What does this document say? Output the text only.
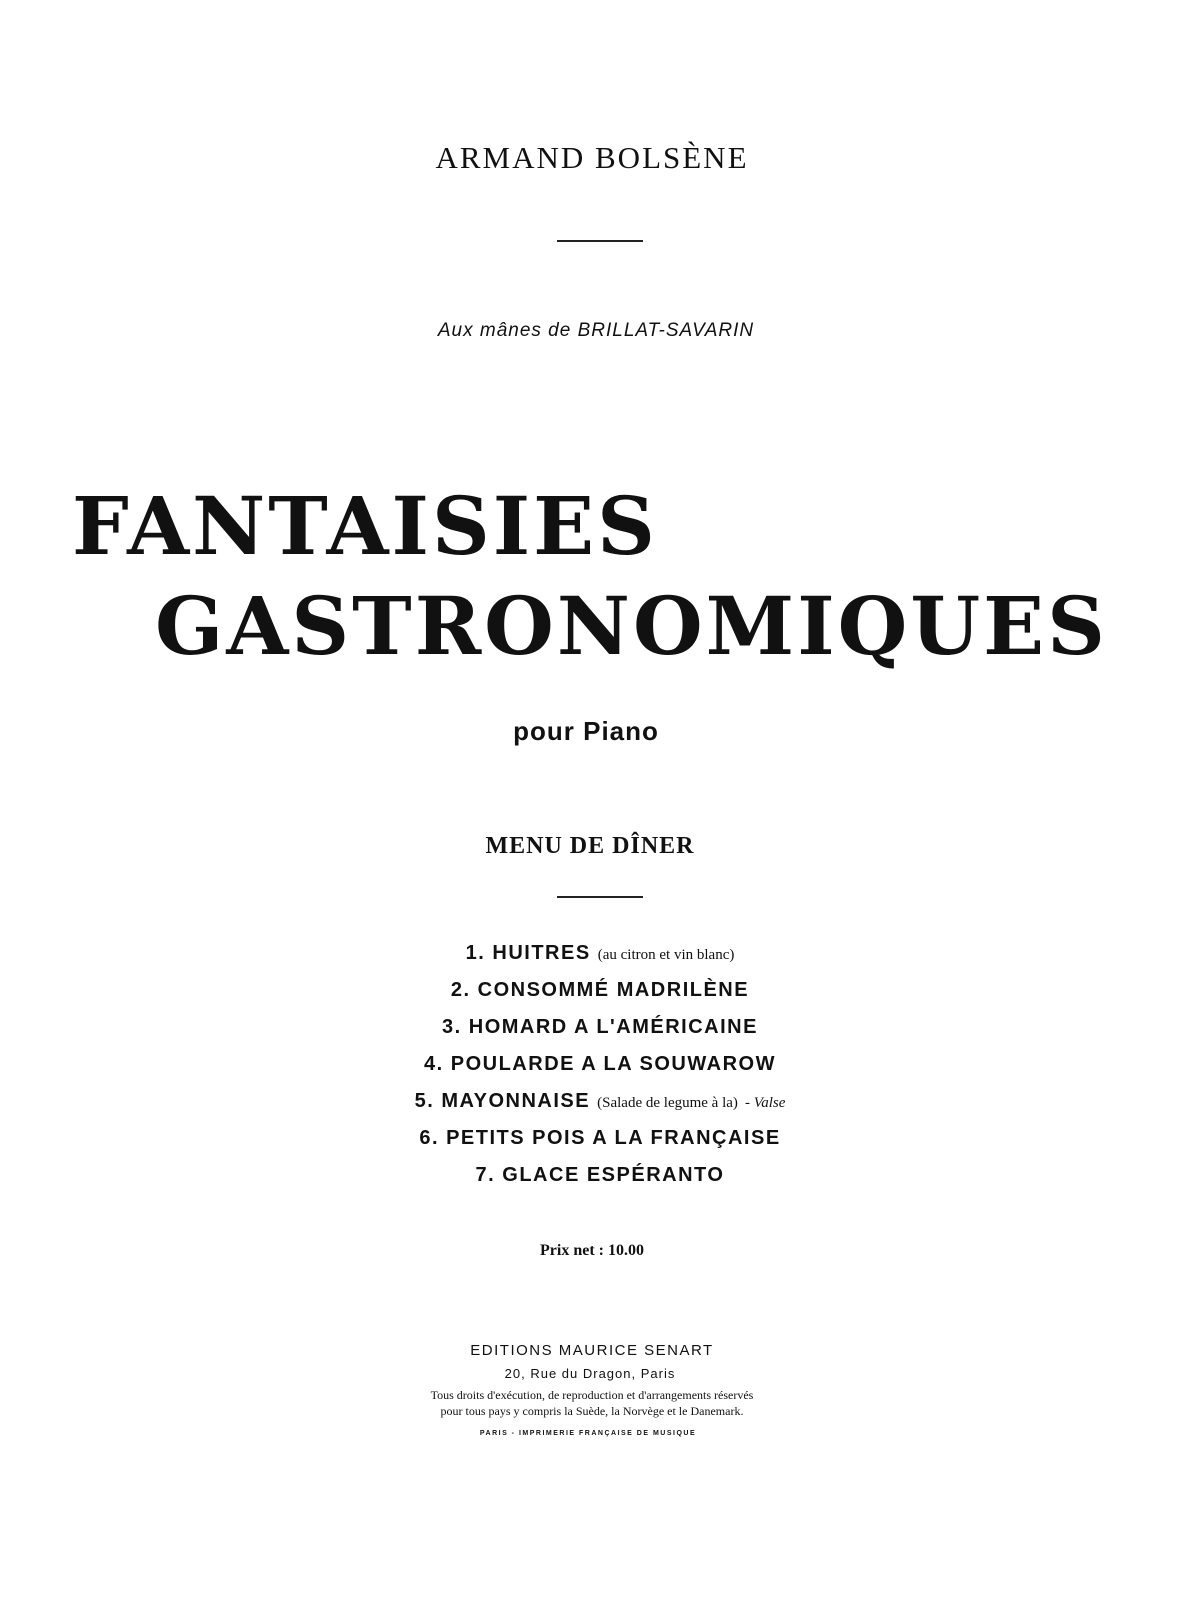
ARMAND BOLSÈNE
Aux mânes de BRILLAT-SAVARIN
FANTAISIES
GASTRONOMIQUES
pour Piano
MENU DE DÎNER
1. HUITRES (au citron et vin blanc)
2. CONSOMMÉ MADRILÈNE
3. HOMARD A L'AMÉRICAINE
4. POULARDE A LA SOUWAROW
5. MAYONNAISE (Salade de legume à la) - Valse
6. PETITS POIS A LA FRANÇAISE
7. GLACE ESPÉRANTO
Prix net : 10.00
EDITIONS MAURICE SENART
20, Rue du Dragon, Paris
Tous droits d'exécution, de reproduction et d'arrangements réservés
pour tous pays y compris la Suède, la Norvège et le Danemark.
PARIS - IMPRIMERIE FRANÇAISE DE MUSIQUE
